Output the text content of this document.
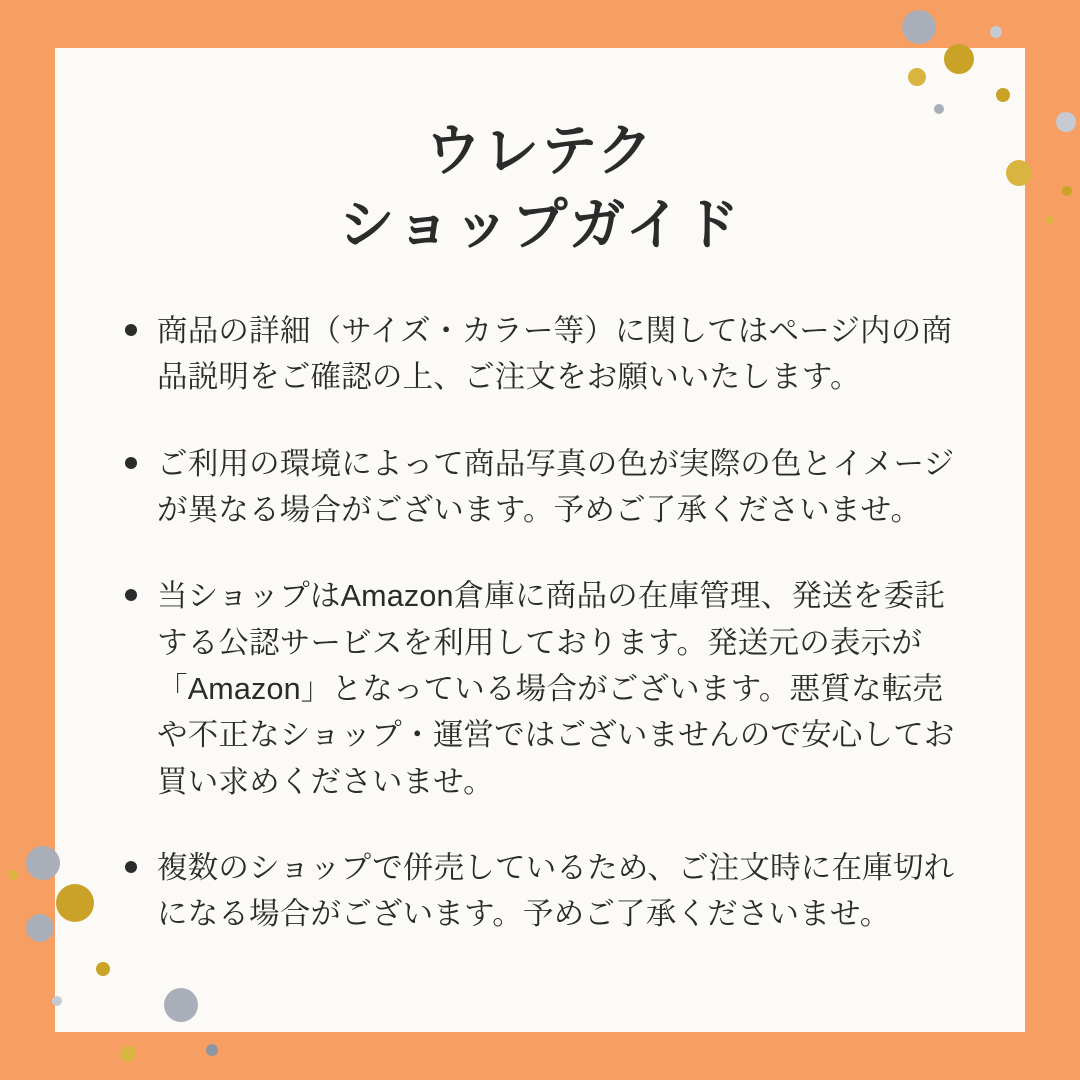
ウレテク
ショップガイド
商品の詳細（サイズ・カラー等）に関してはページ内の商品説明をご確認の上、ご注文をお願いいたします。
ご利用の環境によって商品写真の色が実際の色とイメージが異なる場合がございます。予めご了承くださいませ。
当ショップはAmazon倉庫に商品の在庫管理、発送を委託する公認サービスを利用しております。発送元の表示が「Amazon」となっている場合がございます。悪質な転売や不正なショップ・運営ではございませんので安心してお買い求めくださいませ。
複数のショップで併売しているため、ご注文時に在庫切れになる場合がございます。予めご了承くださいませ。
